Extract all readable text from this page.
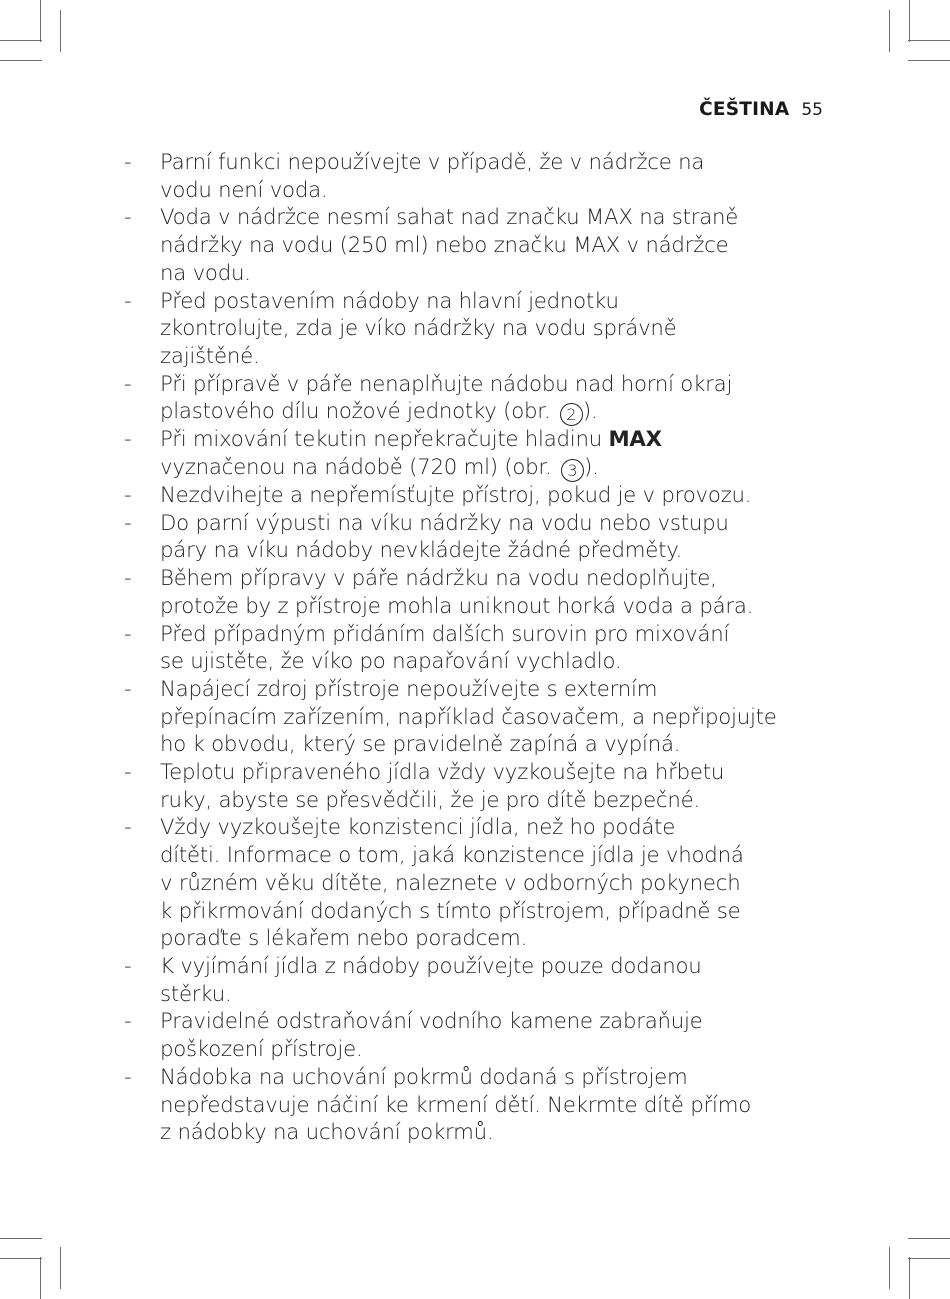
ČEŠTINA 55
-	Parní funkci nepoužívejte v případě, že v nádržce na
vodu není voda.
-	Voda v nádržce nesmí sahat nad značku MAX na straně
nádržky na vodu (250 ml) nebo značku MAX v nádržce
na vodu.
-	Před postavením nádoby na hlavní jednotku
zkontrolujte, zda je víko nádržky na vodu správně
zajištěné.
-	Při přípravě v páře nenaplňujte nádobu nad horní okraj
plastového dílu nožové jednotky (obr. 2 ).
-	Při mixování tekutin nepřekračujte hladinu MAX
vyznačenou na nádobě (720 ml) (obr. 3 ).
-	Nezdvihejte a nepřemísťujte přístroj, pokud je v provozu.
-	Do parní výpusti na víku nádržky na vodu nebo vstupu
páry na víku nádoby nevkládejte žádné předměty.
-	Během přípravy v páře nádržku na vodu nedoplňujte,
protože by z přístroje mohla uniknout horká voda a pára.
-	Před případným přidáním dalších surovin pro mixování
se ujistěte, že víko po napařování vychladlo.
-	Napájecí zdroj přístroje nepoužívejte s externím
přepínacím zařízením, například časovačem, a nepřipojujte
ho k obvodu, který se pravidelně zapíná a vypíná.
-	Teplotu připraveného jídla vždy vyzkoušejte na hřbetu
ruky, abyste se přesvědčili, že je pro dítě bezpečné.
-	Vždy vyzkoušejte konzistenci jídla, než ho podáte
dítěti. Informace o tom, jaká konzistence jídla je vhodná
v různém věku dítěte, naleznete v odborných pokynech
k přikrmování dodaných s tímto přístrojem, případně se
poraďte s lékařem nebo poradcem.
-	K vyjímání jídla z nádoby používejte pouze dodanou
stěrku.
-	Pravidelné odstraňování vodního kamene zabraňuje
poškození přístroje.
-	Nádobka na uchování pokrmů dodaná s přístrojem
nepředstavuje náčiní ke krmení dětí. Nekrmte dítě přímo
z nádobky na uchování pokrmů.
